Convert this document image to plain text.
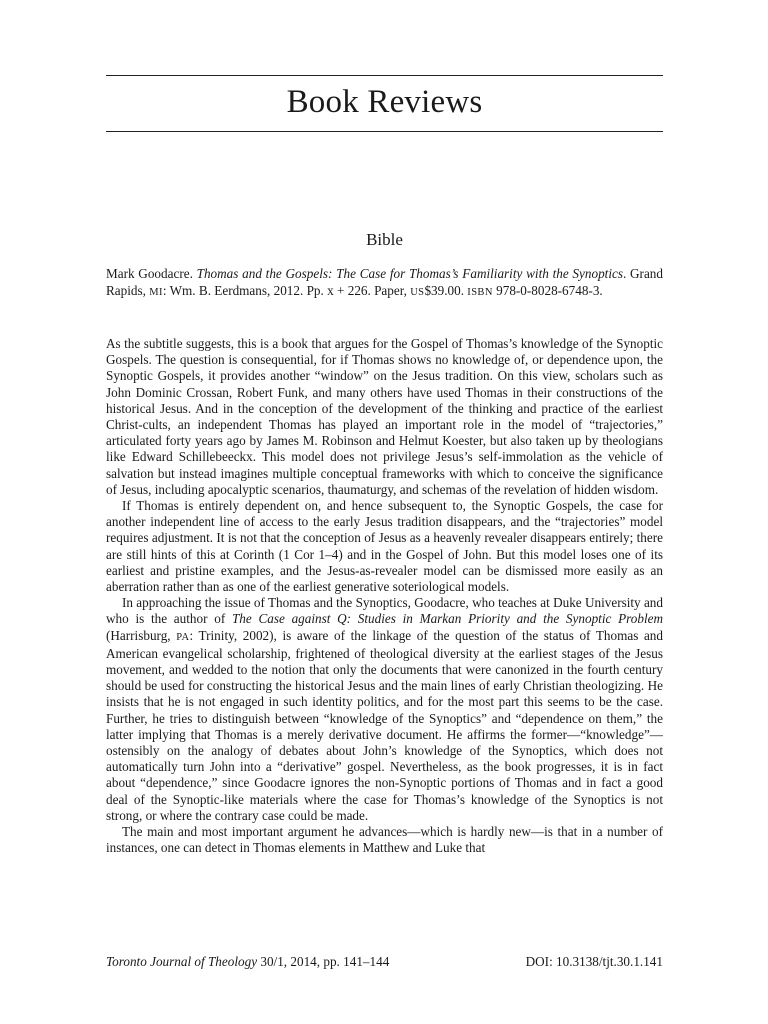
Book Reviews
Bible

Mark Goodacre. Thomas and the Gospels: The Case for Thomas’s Familiarity with the Synoptics. Grand Rapids, MI: Wm. B. Eerdmans, 2012. Pp. x + 226. Paper, US$39.00. ISBN 978-0-8028-6748-3.

As the subtitle suggests, this is a book that argues for the Gospel of Thomas’s knowledge of the Synoptic Gospels. The question is consequential, for if Thomas shows no knowledge of, or dependence upon, the Synoptic Gospels, it provides another “window” on the Jesus tradition. On this view, scholars such as John Dominic Crossan, Robert Funk, and many others have used Thomas in their constructions of the historical Jesus. And in the conception of the development of the thinking and practice of the earliest Christ-cults, an independent Thomas has played an important role in the model of “trajectories,” articulated forty years ago by James M. Robinson and Helmut Koester, but also taken up by theologians like Edward Schillebeeckx. This model does not privilege Jesus’s self-immolation as the vehicle of salvation but instead imagines multiple conceptual frameworks with which to conceive the significance of Jesus, including apocalyptic scenarios, thaumaturgy, and schemas of the revelation of hidden wisdom.

If Thomas is entirely dependent on, and hence subsequent to, the Synoptic Gospels, the case for another independent line of access to the early Jesus tradition disappears, and the “trajectories” model requires adjustment. It is not that the conception of Jesus as a heavenly revealer disappears entirely; there are still hints of this at Corinth (1 Cor 1–4) and in the Gospel of John. But this model loses one of its earliest and pristine examples, and the Jesus-as-revealer model can be dismissed more easily as an aberration rather than as one of the earliest generative soteriological models.

In approaching the issue of Thomas and the Synoptics, Goodacre, who teaches at Duke University and who is the author of The Case against Q: Studies in Markan Priority and the Synoptic Problem (Harrisburg, PA: Trinity, 2002), is aware of the linkage of the question of the status of Thomas and American evangelical scholarship, frightened of theological diversity at the earliest stages of the Jesus movement, and wedded to the notion that only the documents that were canonized in the fourth century should be used for constructing the historical Jesus and the main lines of early Christian theologizing. He insists that he is not engaged in such identity politics, and for the most part this seems to be the case. Further, he tries to distinguish between “knowledge of the Synoptics” and “dependence on them,” the latter implying that Thomas is a merely derivative document. He affirms the former—“knowledge”—ostensibly on the analogy of debates about John’s knowledge of the Synoptics, which does not automatically turn John into a “derivative” gospel. Nevertheless, as the book progresses, it is in fact about “dependence,” since Goodacre ignores the non-Synoptic portions of Thomas and in fact a good deal of the Synoptic-like materials where the case for Thomas’s knowledge of the Synoptics is not strong, or where the contrary case could be made.

The main and most important argument he advances—which is hardly new—is that in a number of instances, one can detect in Thomas elements in Matthew and Luke that

Toronto Journal of Theology 30/1, 2014, pp. 141–144	DOI: 10.3138/tjt.30.1.141
